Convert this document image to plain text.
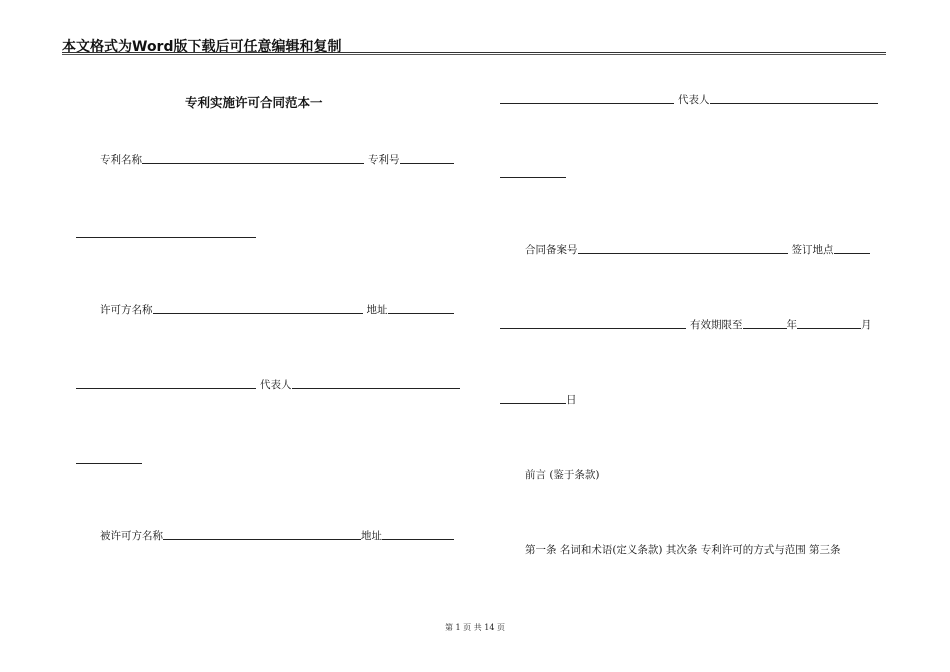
本文格式为Word版下载后可任意编辑和复制
专利实施许可合同范本一
专利名称	专利号
许可方名称	地址
代表人
被许可方名称	地址
代表人
合同备案号	签订地点
有效期限至	年	月
日
前言 (鉴于条款)
第一条 名词和术语(定义条款) 其次条 专利许可的方式与范围 第三条
第 1 页 共 14 页
